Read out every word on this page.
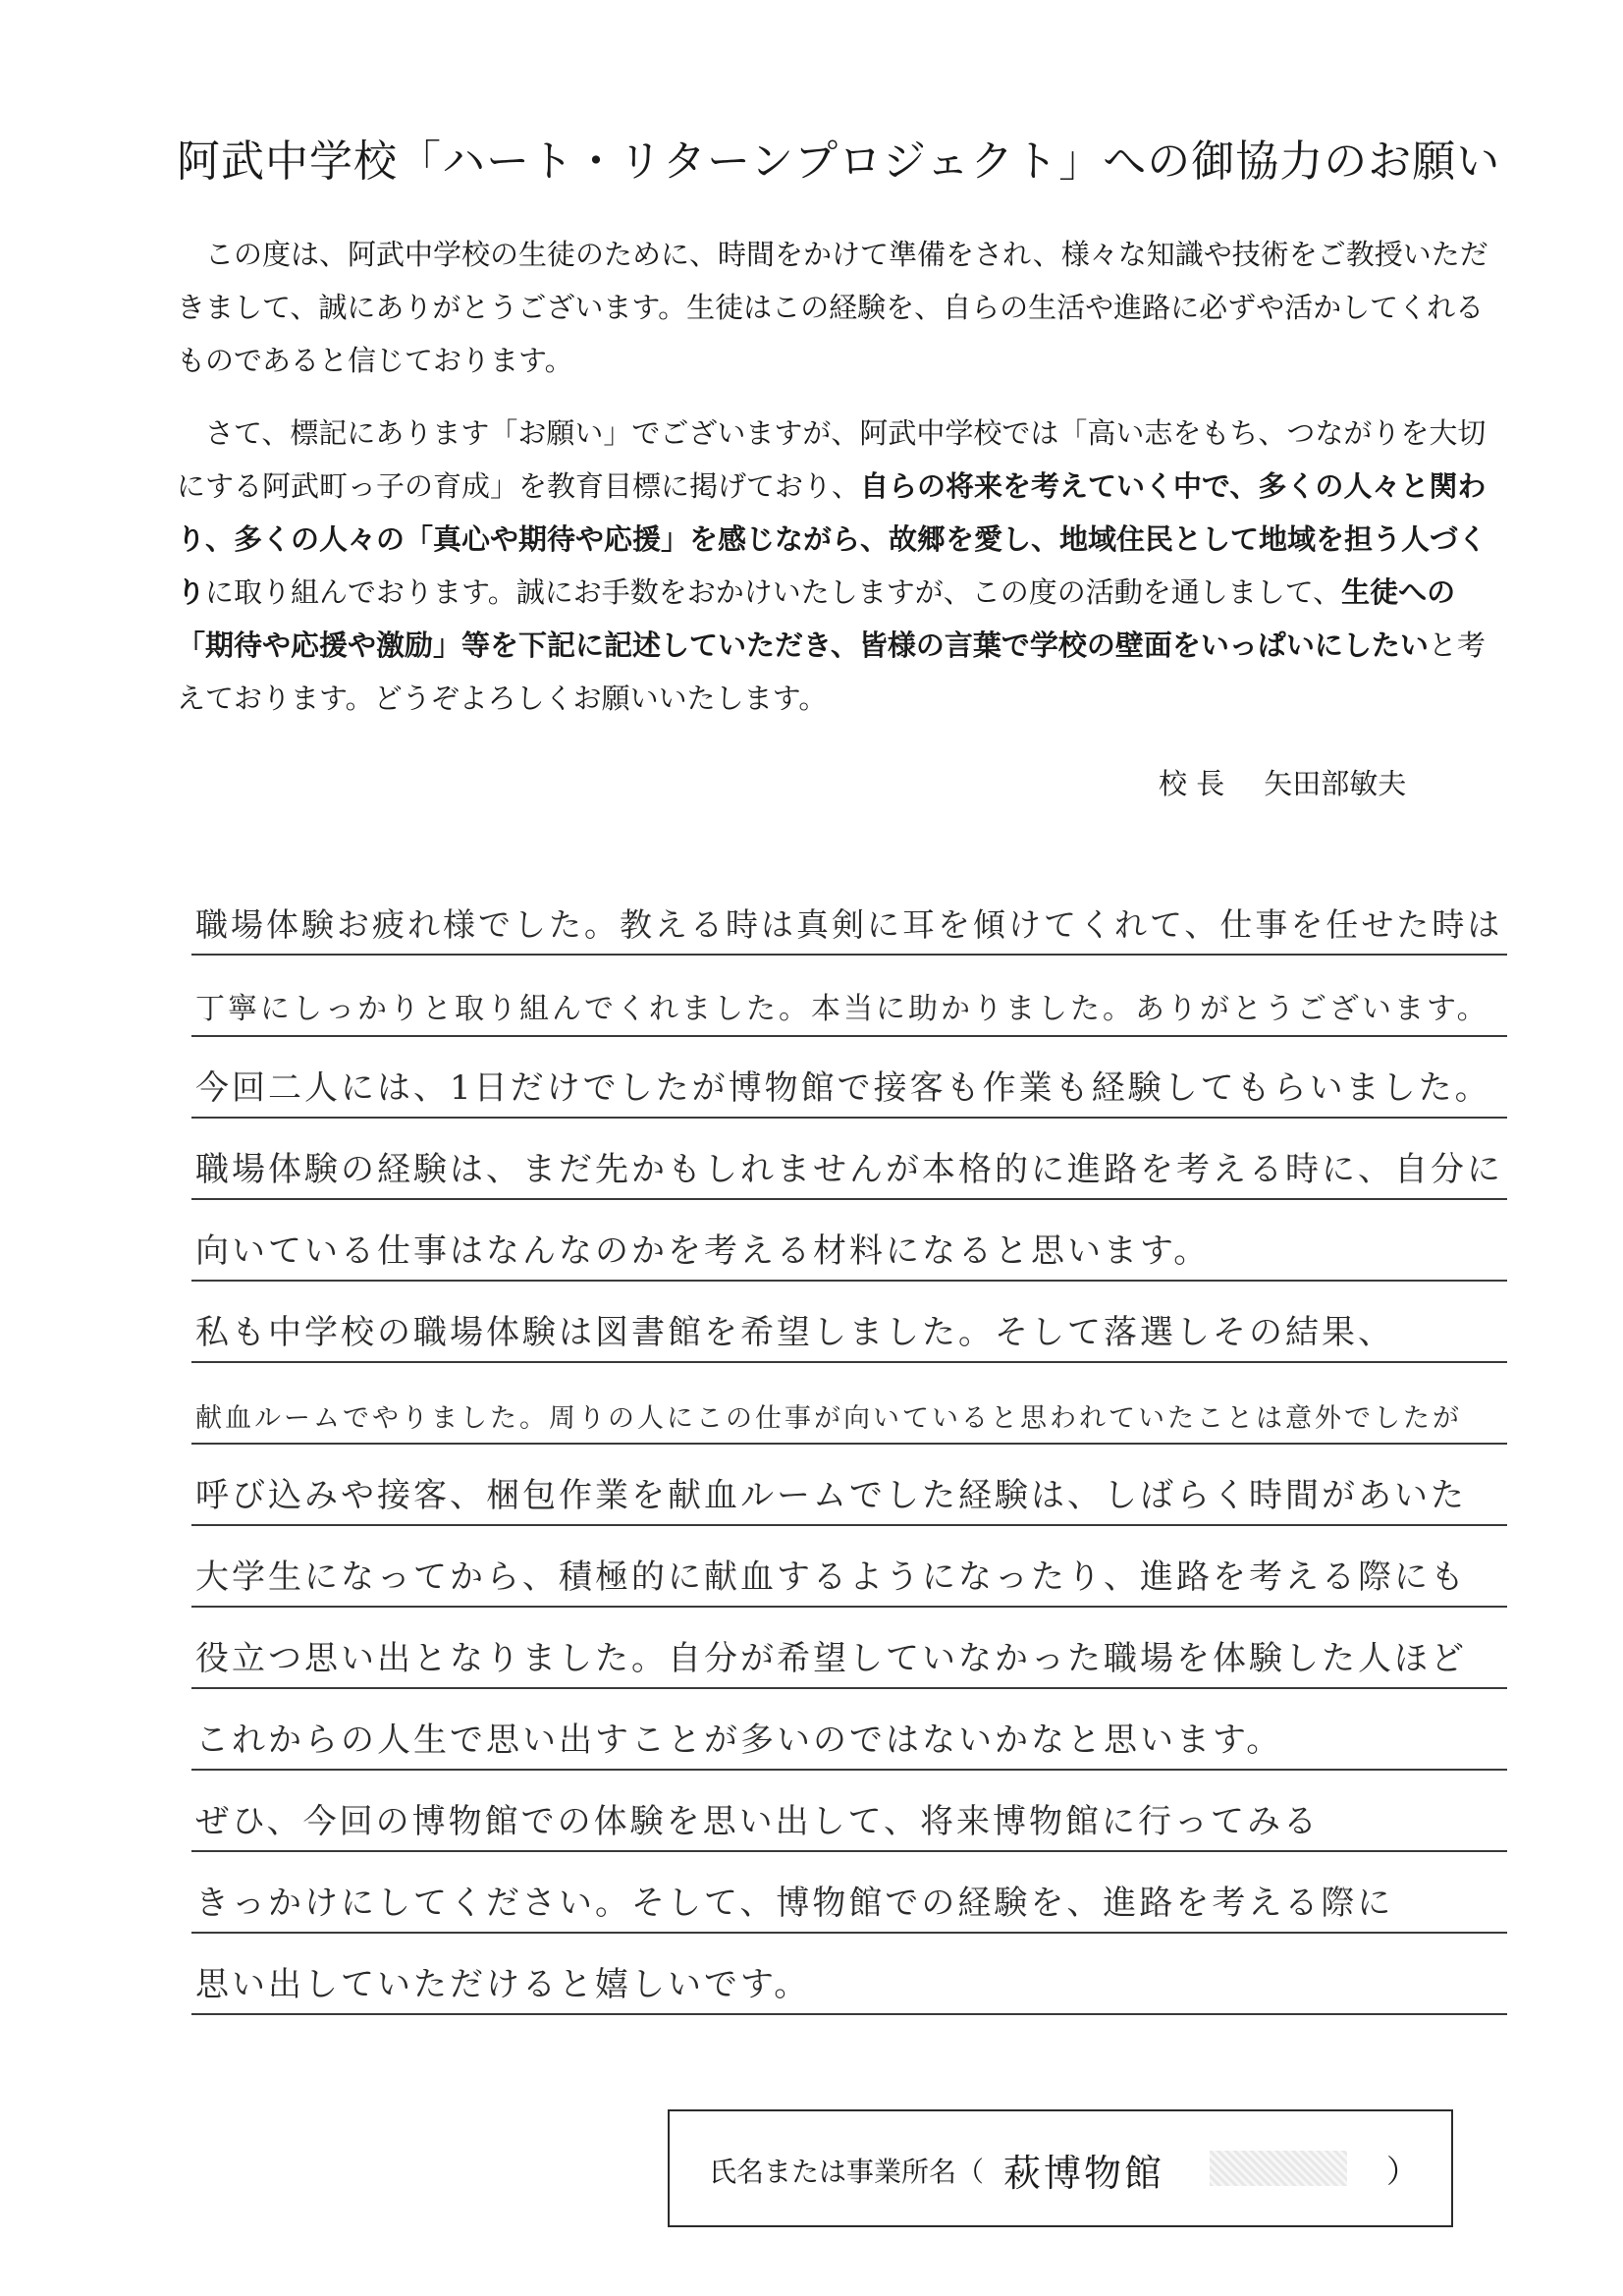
阿武中学校「ハート・リターンプロジェクト」への御協力のお願い

この度は、阿武中学校の生徒のために、時間をかけて準備をされ、様々な知識や技術をご教授いただきまして、誠にありがとうございます。生徒はこの経験を、自らの生活や進路に必ずや活かしてくれるものであると信じております。

さて、標記にあります「お願い」でございますが、阿武中学校では「高い志をもち、つながりを大切にする阿武町っ子の育成」を教育目標に掲げており、自らの将来を考えていく中で、多くの人々と関わり、多くの人々の「真心や期待や応援」を感じながら、故郷を愛し、地域住民として地域を担う人づくりに取り組んでおります。誠にお手数をおかけいたしますが、この度の活動を通しまして、生徒への「期待や応援や激励」等を下記に記述していただき、皆様の言葉で学校の壁面をいっぱいにしたいと考えております。どうぞよろしくお願いいたします。

校 長 矢田部敏夫
職場体験お疲れ様でした。教える時は真剣に耳を傾けてくれて、仕事を任せた時は
丁寧にしっかりと取り組んでくれました。本当に助かりました。ありがとうございます。
今回二人には、1日だけでしたが博物館で接客も作業も経験してもらいました。
職場体験の経験は、まだ先かもしれませんが本格的に進路を考える時に、自分に
向いている仕事はなんなのかを考える材料になると思います。
私も中学校の職場体験は図書館を希望しました。そして落選しその結果、
献血ルームでやりました。周りの人にこの仕事が向いていると思われていたことは意外でしたが
呼び込みや接客、梱包作業を献血ルームでした経験は、しばらく時間があいた
大学生になってから、積極的に献血するようになったり、進路を考える際にも
役立つ思い出となりました。自分が希望していなかった職場を体験した人ほど
これからの人生で思い出すことが多いのではないかなと思います。
ぜひ、今回の博物館での体験を思い出して、将来博物館に行ってみる
きっかけにしてください。そして、博物館での経験を、進路を考える際に
思い出していただけると嬉しいです。
氏名または事業所名（ 萩博物館	）
